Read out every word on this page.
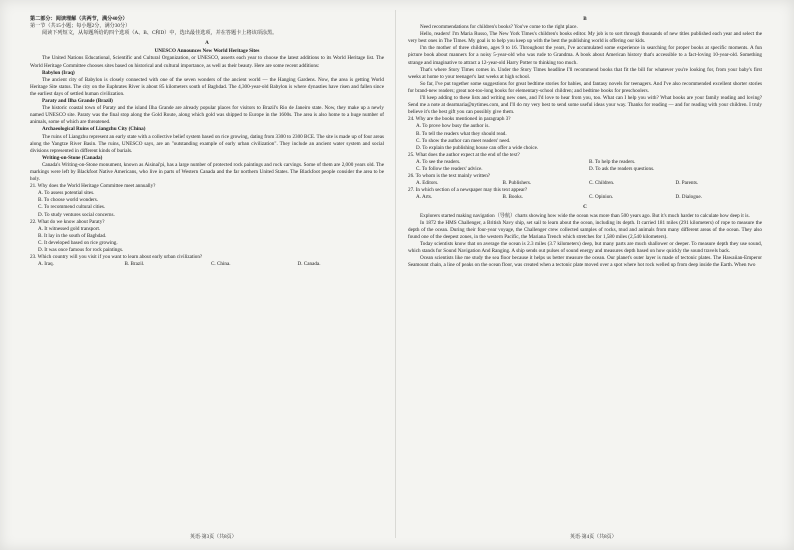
第二部分：阅读理解（共两节，满分40分）

第一节（共15小题；每小题2分，满分30分）

阅读下列短文，从每题所给的四个选项（A、B、C和D）中，选出最佳选项，并在答题卡上将该项涂黑。

A

UNESCO Announces New World Heritage Sites

The United Nations Educational, Scientific and Cultural Organization, or UNESCO, asserts each year to choose the latest additions to its World Heritage list. The World Heritage Committee chooses sites based on historical and cultural importance, as well as their beauty. Here are some recent additions:

Babylon (Iraq)

The ancient city of Babylon is closely connected with one of the seven wonders of the ancient world — the Hanging Gardens. Now, the area is getting World Heritage Site status. The city on the Euphrates River is about 85 kilometers south of Baghdad. The 4,300-year-old Babylon is where dynasties have risen and fallen since the earliest days of settled human civilization.

Paraty and Ilha Grande (Brazil)

The historic coastal town of Paraty and the island Ilha Grande are already popular places for visitors to Brazil's Rio de Janeiro state. Now, they make up a newly named UNESCO site. Paraty was the final stop along the Gold Route, along which gold was shipped to Europe in the 1600s. The area is also home to a huge number of animals, some of which are threatened.

Archaeological Ruins of Liangzhu City (China)

The ruins of Liangzhu represent an early state with a collective belief system based on rice growing, dating from 3300 to 2300 BCE. The site is made up of four areas along the Yangtze River Basin. The ruins, UNESCO says, are an "outstanding example of early urban civilization". They include an ancient water system and social divisions represented in different kinds of burials.

Writing-on-Stone (Canada)

Canada's Writing-on-Stone monument, known as Aisinai'pi, has a large number of protected rock paintings and rock carvings. Some of them are 2,000 years old. The markings were left by Blackfoot Native Americans, who live in parts of Western Canada and the far northern United States. The Blackfoot people consider the area to be holy.

21. Why does the World Heritage Committee meet annually?

A. To assess potential sites.
B. To choose world wonders.
C. To recommend cultural cities.
D. To study ventures social concerns.

22. What do we know about Paraty?

A. It witnessed gold transport.
B. It lay in the south of Baghdad.
C. It developed based on rice growing.
D. It was once famous for rock paintings.

23. Which country will you visit if you want to learn about early urban civilization?

A. Iraq.	B. Brazil.	C. China.	D. Canada.

B

Need recommendations for children's books? You've come to the right place.

Hello, readers! I'm Maria Russo, The New York Times's children's books editor. My job is to sort through thousands of new titles published each year and select the very best ones in The Times. My goal is to help you keep up with the best the publishing world is offering our kids.

I'm the mother of three children, ages 9 to 16. Throughout the years, I've accumulated some experience in searching for proper books at specific moments. A fun picture book about manners for a noisy 5-year-old who was rude to Grandma. A book about American history that's accessible to a fact-loving 10-year-old. Something strange and imaginative to attract a 12-year-old Harry Potter to thinking too much.

That's where Story Times comes in. Under the Story Times headline I'll recommend books that fit the bill for whatever you're looking for, from your baby's first weeks at home to your teenager's last weeks at high school.

So far, I've put together some suggestions for great bedtime stories for babies, and fantasy novels for teenagers. And I've also recommended excellent shorter stories for brand-new readers; great not-too-long books for elementary-school children; and bedtime books for preschoolers.

I'll keep adding to these lists and writing new ones, and I'd love to hear from you, too. What can I help you with? What books are your family reading and loving? Send me a note at dearmaria@nytimes.com, and I'll do my very best to send some useful ideas your way. Thanks for reading — and for reading with your children. I truly believe it's the best gift you can possibly give them.

24. Why are the books mentioned in paragraph 3?

A. To prove how busy the author is.
B. To tell the readers what they should read.
C. To show the author can meet readers' need.
D. To explain the publishing house can offer a wide choice.

25. What does the author expect at the end of the text?

A. To see the readers.	B. To help the readers.
C. To follow the readers' advice.	D. To ask the readers questions.

26. To whom is the text mainly written?

A. Editors.	B. Publishers.	C. Children.	D. Parents.

27. In which section of a newspaper may this text appear?

A. Arts.	B. Books.	C. Opinion.	D. Dialogue.

C

Explorers started making navigation（导航）charts showing how wide the ocean was more than 500 years ago. But it's much harder to calculate how deep it is.

In 1872 the HMS Challenger, a British Navy ship, set sail to learn about the ocean, including its depth. It carried 181 miles (291 kilometers) of rope to measure the depth of the ocean. During their four-year voyage, the Challenger crew collected samples of rocks, mud and animals from many different areas of the ocean. They also found one of the deepest zones, in the western Pacific, the Mariana Trench which stretches for 1,580 miles (2,540 kilometers).

Today scientists know that on average the ocean is 2.3 miles (3.7 kilometers) deep, but many parts are much shallower or deeper. To measure depth they use sound, which stands for Sound Navigation And Ranging. A ship sends out pulses of sound energy and measures depth based on how quickly the sound travels back.

Ocean scientists like me study the sea floor because it helps us better measure the ocean. Our planet's outer layer is made of tectonic plates. The Hawaiian-Emperor Seamount chain, a line of peaks on the ocean floor, was created when a tectonic plate moved over a spot where hot rock welled up from deep inside the Earth. When two

英语·第3页（共8页）	英语·第4页（共8页）
